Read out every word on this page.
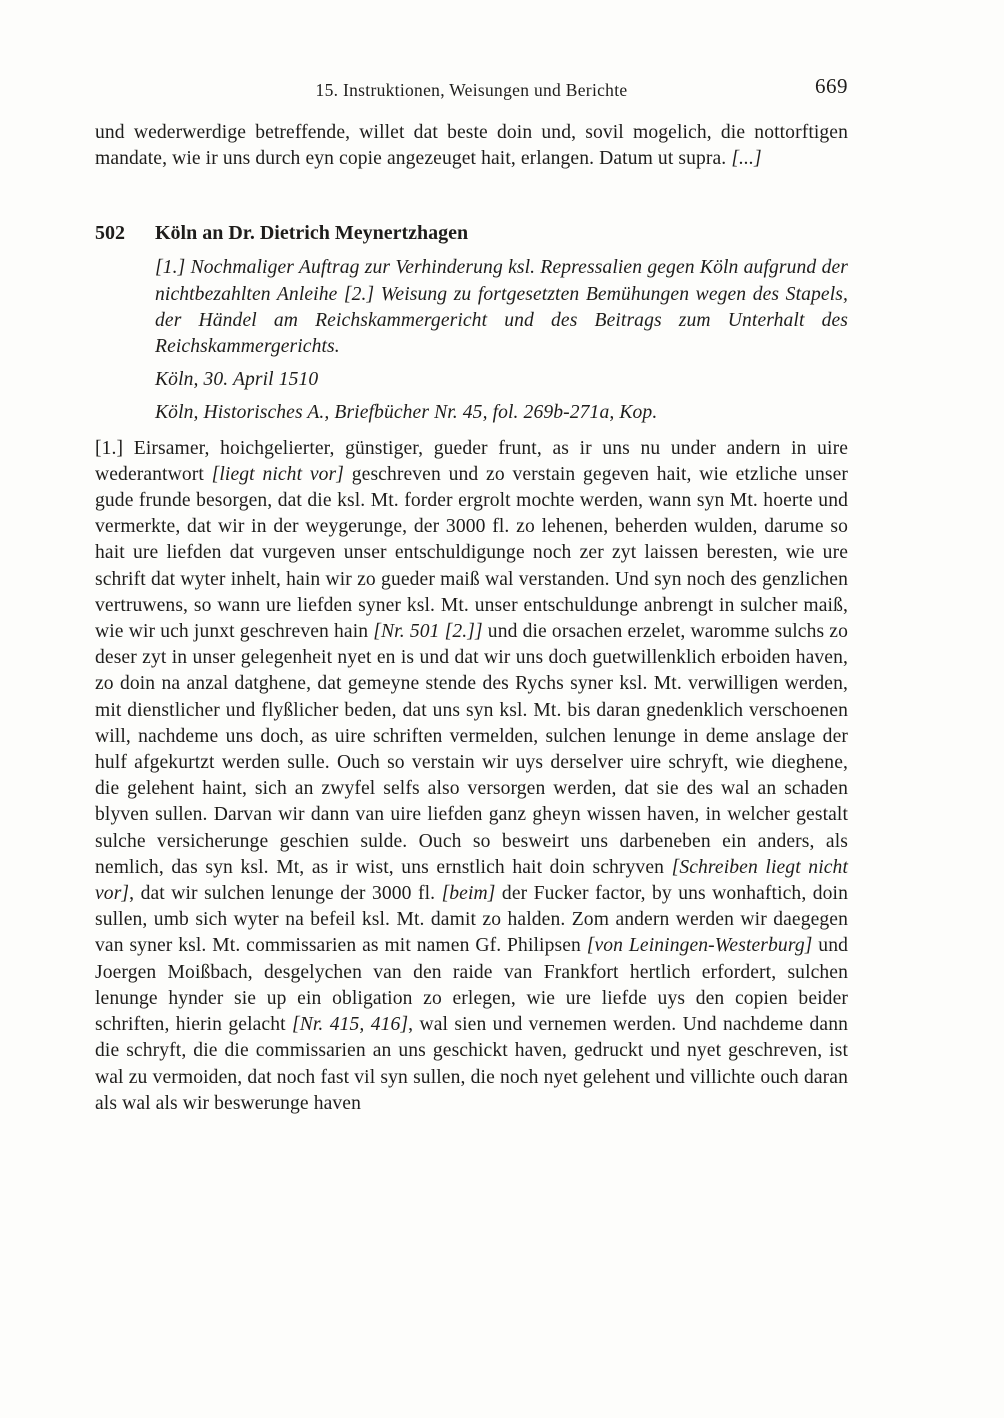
15. Instruktionen, Weisungen und Berichte	669

und wederwerdige betreffende, willet dat beste doin und, sovil mogelich, die nottorftigen mandate, wie ir uns durch eyn copie angezeuget hait, erlangen. Datum ut supra. [...]

502	Köln an Dr. Dietrich Meynertzhagen

[1.] Nochmaliger Auftrag zur Verhinderung ksl. Repressalien gegen Köln aufgrund der nichtbezahlten Anleihe [2.] Weisung zu fortgesetzten Bemühungen wegen des Stapels, der Händel am Reichskammergericht und des Beitrags zum Unterhalt des Reichskammergerichts.

Köln, 30. April 1510

Köln, Historisches A., Briefbücher Nr. 45, fol. 269b-271a, Kop.

[1.] Eirsamer, hoichgelierter, günstiger, gueder frunt, as ir uns nu under andern in uire wederantwort [liegt nicht vor] geschreven und zo verstain gegeven hait, wie etzliche unser gude frunde besorgen, dat die ksl. Mt. forder ergrolt mochte werden, wann syn Mt. hoerte und vermerkte, dat wir in der weygerunge, der 3000 fl. zo lehenen, beherden wulden, darume so hait ure liefden dat vurgeven unser entschuldigunge noch zer zyt laissen beresten, wie ure schrift dat wyter inhelt, hain wir zo gueder maiß wal verstanden. Und syn noch des genzlichen vertruwens, so wann ure liefden syner ksl. Mt. unser entschuldunge anbrengt in sulcher maiß, wie wir uch junxt geschreven hain [Nr. 501 [2.]] und die orsachen erzelet, waromme sulchs zo deser zyt in unser gelegenheit nyet en is und dat wir uns doch guetwillenklich erboiden haven, zo doin na anzal datghene, dat gemeyne stende des Rychs syner ksl. Mt. verwilligen werden, mit dienstlicher und flyßlicher beden, dat uns syn ksl. Mt. bis daran gnedenklich verschoenen will, nachdeme uns doch, as uire schriften vermelden, sulchen lenunge in deme anslage der hulf afgekurtzt werden sulle. Ouch so verstain wir uys derselver uire schryft, wie dieghene, die gelehent haint, sich an zwyfel selfs also versorgen werden, dat sie des wal an schaden blyven sullen. Darvan wir dann van uire liefden ganz gheyn wissen haven, in welcher gestalt sulche versicherunge geschien sulde. Ouch so besweirt uns darbeneben ein anders, als nemlich, das syn ksl. Mt, as ir wist, uns ernstlich hait doin schryven [Schreiben liegt nicht vor], dat wir sulchen lenunge der 3000 fl. [beim] der Fucker factor, by uns wonhaftich, doin sullen, umb sich wyter na befeil ksl. Mt. damit zo halden. Zom andern werden wir daegegen van syner ksl. Mt. commissarien as mit namen Gf. Philipsen [von Leiningen-Westerburg] und Joergen Moißbach, desgelychen van den raide van Frankfort hertlich erfordert, sulchen lenunge hynder sie up ein obligation zo erlegen, wie ure liefde uys den copien beider schriften, hierin gelacht [Nr. 415, 416], wal sien und vernemen werden. Und nachdeme dann die schryft, die die commissarien an uns geschickt haven, gedruckt und nyet geschreven, ist wal zu vermoiden, dat noch fast vil syn sullen, die noch nyet gelehent und villichte ouch daran als wal als wir beswerunge haven
